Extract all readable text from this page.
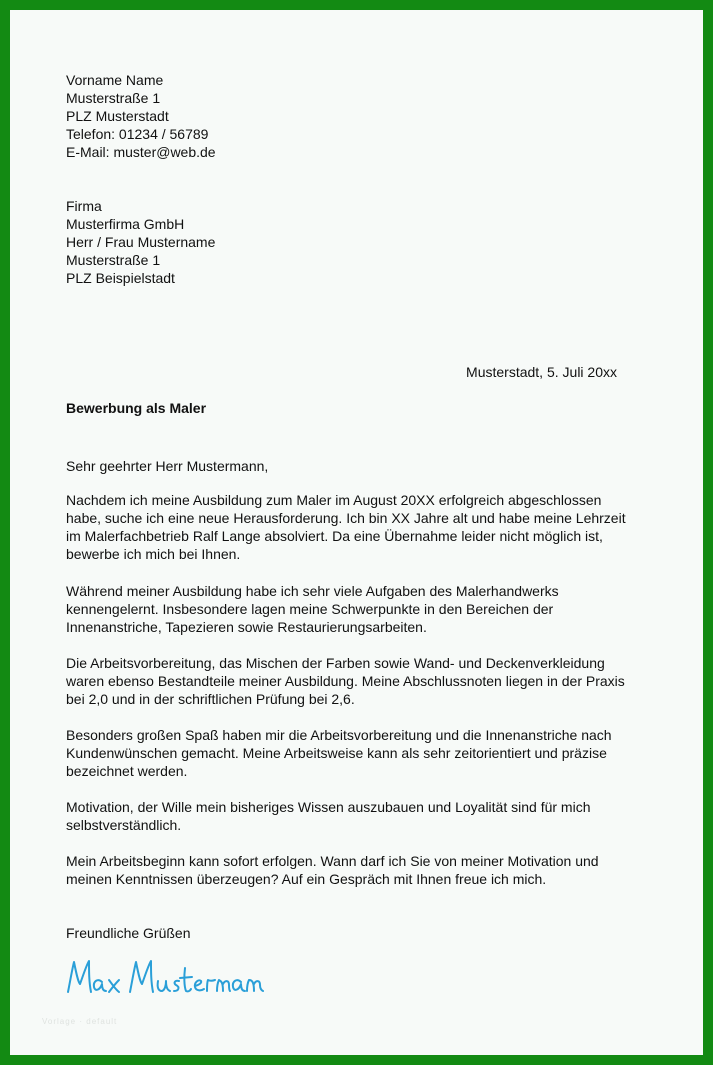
Vorname Name
Musterstraße 1
PLZ Musterstadt
Telefon: 01234 / 56789
E-Mail: muster@web.de
Firma
Musterfirma GmbH
Herr / Frau Mustername
Musterstraße 1
PLZ Beispielstadt
Musterstadt, 5. Juli 20xx
Bewerbung als Maler
Sehr geehrter Herr Mustermann,
Nachdem ich meine Ausbildung zum Maler im August 20XX erfolgreich abgeschlossen
habe, suche ich eine neue Herausforderung. Ich bin XX Jahre alt und habe meine Lehrzeit
im Malerfachbetrieb Ralf Lange absolviert. Da eine Übernahme leider nicht möglich ist,
bewerbe ich mich bei Ihnen.
Während meiner Ausbildung habe ich sehr viele Aufgaben des Malerhandwerks
kennengelernt. Insbesondere lagen meine Schwerpunkte in den Bereichen der
Innenanstriche, Tapezieren sowie Restaurierungsarbeiten.
Die Arbeitsvorbereitung, das Mischen der Farben sowie Wand- und Deckenverkleidung
waren ebenso Bestandteile meiner Ausbildung. Meine Abschlussnoten liegen in der Praxis
bei 2,0 und in der schriftlichen Prüfung bei 2,6.
Besonders großen Spaß haben mir die Arbeitsvorbereitung und die Innenanstriche nach
Kundenwünschen gemacht. Meine Arbeitsweise kann als sehr zeitorientiert und präzise
bezeichnet werden.
Motivation, der Wille mein bisheriges Wissen auszubauen und Loyalität sind für mich
selbstverständlich.
Mein Arbeitsbeginn kann sofort erfolgen. Wann darf ich Sie von meiner Motivation und
meinen Kenntnissen überzeugen? Auf ein Gespräch mit Ihnen freue ich mich.
Freundliche Grüßen
Vorlage · default
